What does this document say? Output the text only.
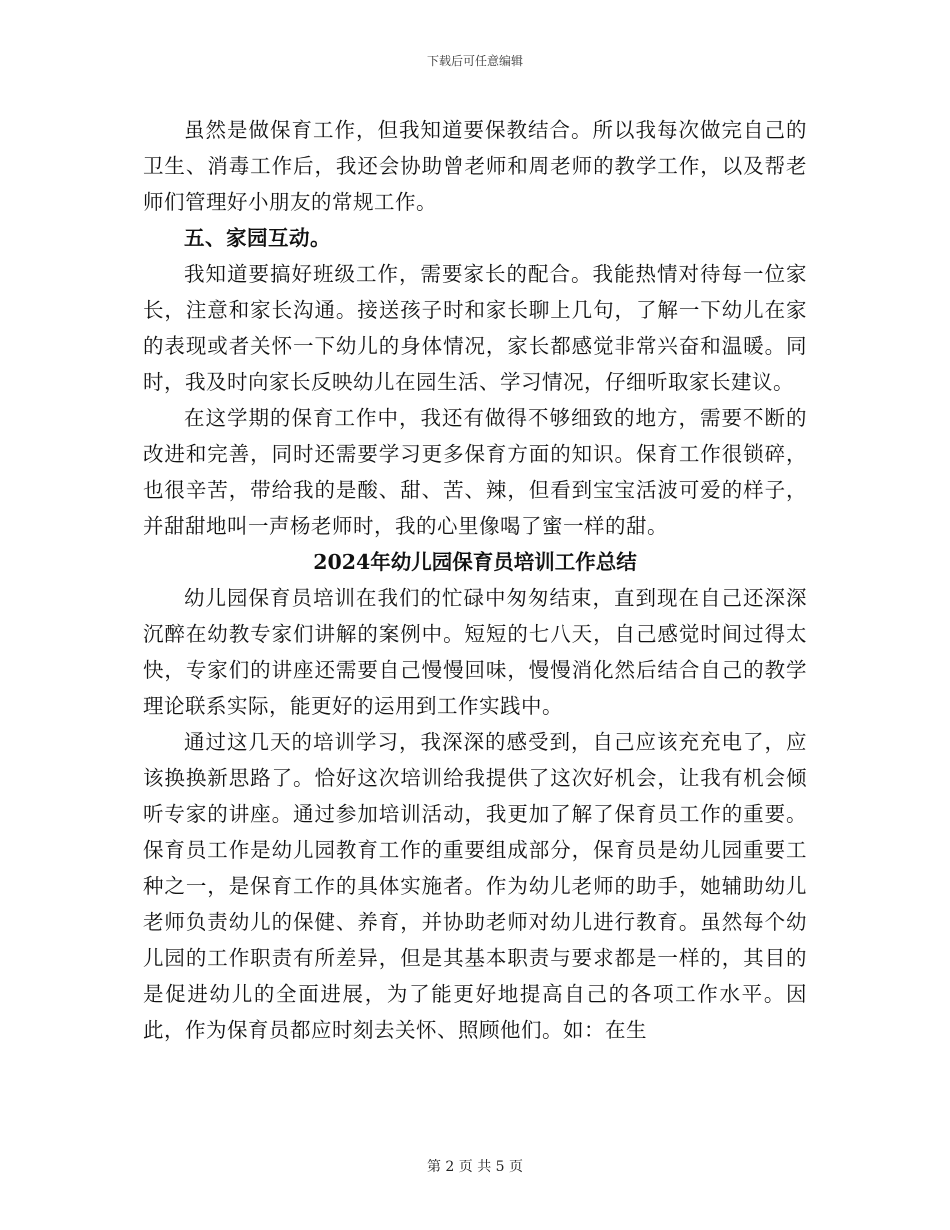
下载后可任意编辑

虽然是做保育工作，但我知道要保教结合。所以我每次做完自己的卫生、消毒工作后，我还会协助曾老师和周老师的教学工作，以及帮老师们管理好小朋友的常规工作。

五、家园互动。

我知道要搞好班级工作，需要家长的配合。我能热情对待每一位家长，注意和家长沟通。接送孩子时和家长聊上几句，了解一下幼儿在家的表现或者关怀一下幼儿的身体情况，家长都感觉非常兴奋和温暖。同时，我及时向家长反映幼儿在园生活、学习情况，仔细听取家长建议。

在这学期的保育工作中，我还有做得不够细致的地方，需要不断的改进和完善，同时还需要学习更多保育方面的知识。保育工作很锁碎，也很辛苦，带给我的是酸、甜、苦、辣，但看到宝宝活波可爱的样子，并甜甜地叫一声杨老师时，我的心里像喝了蜜一样的甜。

2024年幼儿园保育员培训工作总结

幼儿园保育员培训在我们的忙碌中匆匆结束，直到现在自己还深深沉醉在幼教专家们讲解的案例中。短短的七八天，自己感觉时间过得太快，专家们的讲座还需要自己慢慢回味，慢慢消化然后结合自己的教学理论联系实际，能更好的运用到工作实践中。

通过这几天的培训学习，我深深的感受到，自己应该充充电了，应该换换新思路了。恰好这次培训给我提供了这次好机会，让我有机会倾听专家的讲座。通过参加培训活动，我更加了解了保育员工作的重要。保育员工作是幼儿园教育工作的重要组成部分，保育员是幼儿园重要工种之一，是保育工作的具体实施者。作为幼儿老师的助手，她辅助幼儿老师负责幼儿的保健、养育，并协助老师对幼儿进行教育。虽然每个幼儿园的工作职责有所差异，但是其基本职责与要求都是一样的，其目的是促进幼儿的全面进展，为了能更好地提高自己的各项工作水平。因此，作为保育员都应时刻去关怀、照顾他们。如：在生

第 2 页 共 5 页
